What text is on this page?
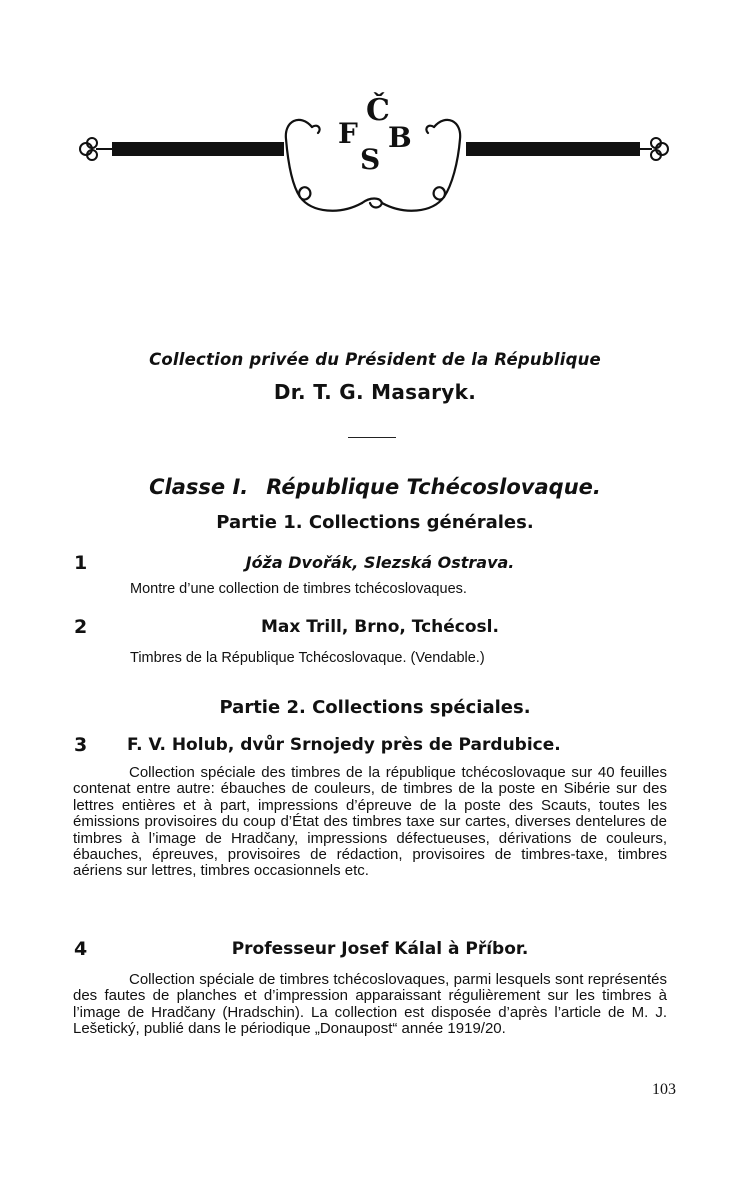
Č
F B
S
Collection privée du Président de la République
Dr. T. G. Masaryk.
Classe I. République Tchécoslovaque.
Partie 1. Collections générales.
1	Jóža Dvořák, Slezská Ostrava.
Montre d’une collection de timbres tchécoslovaques.
2	Max Trill, Brno, Tchécosl.
Timbres de la République Tchécoslovaque. (Vendable.)
Partie 2. Collections spéciales.
3	F. V. Holub, dvůr Srnojedy près de Pardubice.
Collection spéciale des timbres de la république tchécoslovaque sur 40 feuilles contenat entre autre: ébauches de couleurs, de timbres de la poste en Sibérie sur des lettres entières et à part, impressions d’épreuve de la poste des Scauts, toutes les émissions provisoires du coup d’État des timbres taxe sur cartes, diverses dentelures de timbres à l’image de Hradčany, impressions défectueuses, dérivations de couleurs, ébauches, épreuves, provisoires de rédaction, provisoires de timbres-taxe, timbres aériens sur lettres, timbres occasionnels etc.
4	Professeur Josef Kálal à Příbor.
Collection spéciale de timbres tchécoslovaques, parmi lesquels sont représentés des fautes de planches et d’impression apparaissant régulièrement sur les timbres à l’image de Hradčany (Hradschin). La collection est disposée d’après l’article de M. J. Lešetický, publié dans le périodique „Donaupost“ année 1919/20.
103
